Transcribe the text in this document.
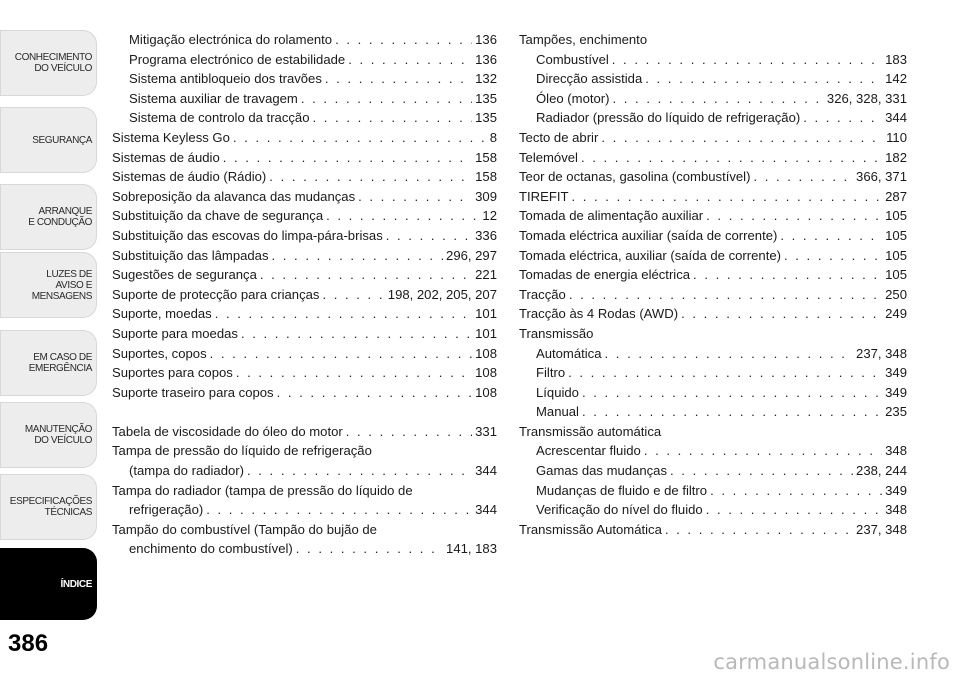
CONHECIMENTO
DO VEÍCULO
SEGURANÇA
ARRANQUE
E CONDUÇÃO
LUZES DE
AVISO E
MENSAGENS
EM CASO DE
EMERGÊNCIA
MANUTENÇÃO
DO VEÍCULO
ESPECIFICAÇÕES
TÉCNICAS
ÍNDICE
386
Mitigação electrónica do rolamento . . .	136
Programa electrónico de estabilidade . . .	136
Sistema antibloqueio dos travões . . .	132
Sistema auxiliar de travagem . . .	135
Sistema de controlo da tracção . . .	135
Sistema Keyless Go . . .	8
Sistemas de áudio . . .	158
Sistemas de áudio (Rádio) . . .	158
Sobreposição da alavanca das mudanças . . .	309
Substituição da chave de segurança . . .	12
Substituição das escovas do limpa-pára-brisas . . .	336
Substituição das lâmpadas . . .	296, 297
Sugestões de segurança . . .	221
Suporte de protecção para crianças . . .	198, 202, 205, 207
Suporte, moedas . . .	101
Suporte para moedas . . .	101
Suportes, copos . . .	108
Suportes para copos . . .	108
Suporte traseiro para copos . . .	108
Tabela de viscosidade do óleo do motor . . .	331
Tampa de pressão do líquido de refrigeração
(tampa do radiador) . . .	344
Tampa do radiador (tampa de pressão do líquido de
refrigeração) . . .	344
Tampão do combustível (Tampão do bujão de
enchimento do combustível) . . .	141, 183
Tampões, enchimento
Combustível . . .	183
Direcção assistida . . .	142
Óleo (motor) . . .	326, 328, 331
Radiador (pressão do líquido de refrigeração) . . .	344
Tecto de abrir . . .	110
Telemóvel . . .	182
Teor de octanas, gasolina (combustível) . . .	366, 371
TIREFIT . . .	287
Tomada de alimentação auxiliar . . .	105
Tomada eléctrica auxiliar (saída de corrente) . . .	105
Tomada eléctrica, auxiliar (saída de corrente) . . .	105
Tomadas de energia eléctrica . . .	105
Tracção . . .	250
Tracção às 4 Rodas (AWD) . . .	249
Transmissão
Automática . . .	237, 348
Filtro . . .	349
Líquido . . .	349
Manual . . .	235
Transmissão automática
Acrescentar fluido . . .	348
Gamas das mudanças . . .	238, 244
Mudanças de fluido e de filtro . . .	349
Verificação do nível do fluido . . .	348
Transmissão Automática . . .	237, 348
carmanualsonline.info
